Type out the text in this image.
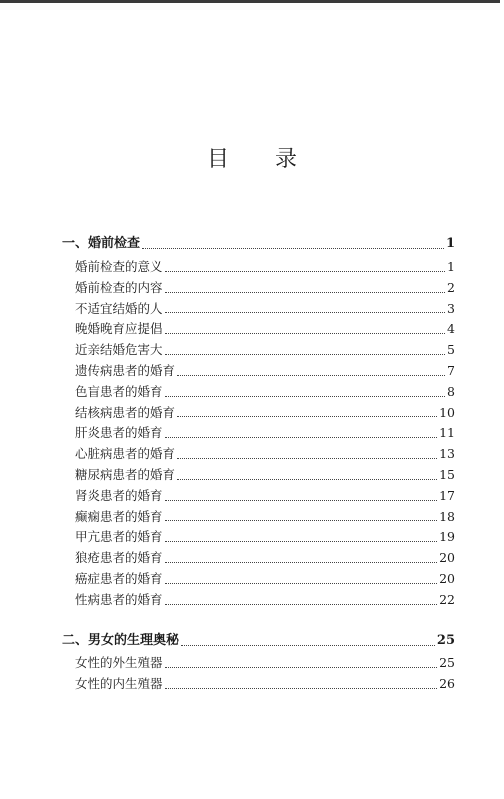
目录
一、婚前检查	1
婚前检查的意义	1
婚前检查的内容	2
不适宜结婚的人	3
晚婚晚育应提倡	4
近亲结婚危害大	5
遗传病患者的婚育	7
色盲患者的婚育	8
结核病患者的婚育	10
肝炎患者的婚育	11
心脏病患者的婚育	13
糖尿病患者的婚育	15
肾炎患者的婚育	17
癫痫患者的婚育	18
甲亢患者的婚育	19
狼疮患者的婚育	20
癌症患者的婚育	20
性病患者的婚育	22
二、男女的生理奥秘	25
女性的外生殖器	25
女性的内生殖器	26
